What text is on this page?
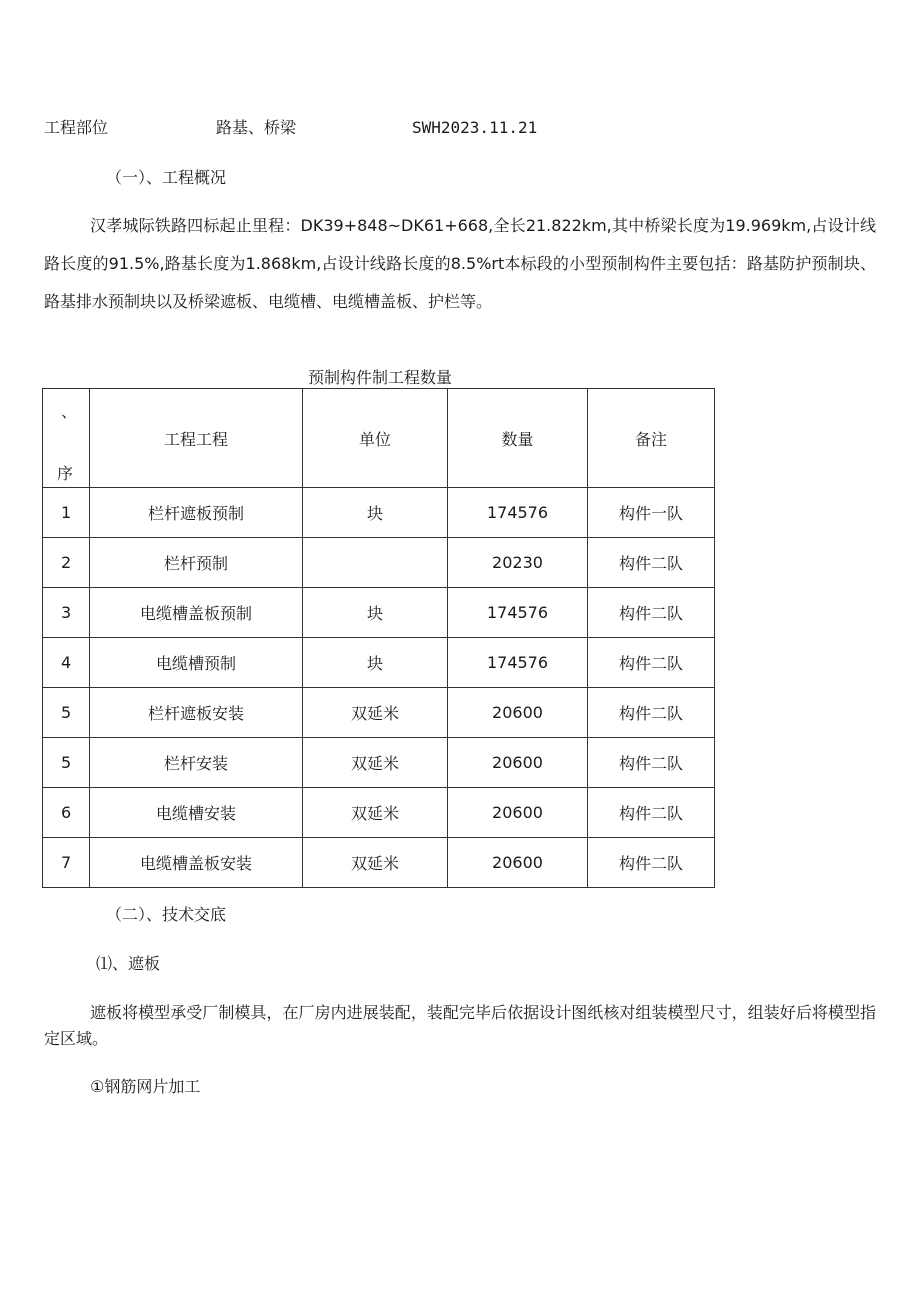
工程部位	路基、桥梁	SWH2023.11.21
（一）、工程概况
汉孝城际铁路四标起止里程：DK39+848~DK61+668,全长21.822km,其中桥梁长度为19.969km,占设计线路长度的91.5%,路基长度为1.868km,占设计线路长度的8.5%rt本标段的小型预制构件主要包括：路基防护预制块、路基排水预制块以及桥梁遮板、电缆槽、电缆槽盖板、护栏等。
预制构件制工程数量
、
序	工程工程	单位	数量	备注
1	栏杆遮板预制	块	174576	构件一队
2	栏杆预制		20230	构件二队
3	电缆槽盖板预制	块	174576	构件二队
4	电缆槽预制	块	174576	构件二队
5	栏杆遮板安装	双延米	20600	构件二队
5	栏杆安装	双延米	20600	构件二队
6	电缆槽安装	双延米	20600	构件二队
7	电缆槽盖板安装	双延米	20600	构件二队
（二）、技术交底
⑴、遮板
遮板将模型承受厂制模具，在厂房内进展装配，装配完毕后依据设计图纸核对组装模型尺寸，组装好后将模型指定区域。
①钢筋网片加工
